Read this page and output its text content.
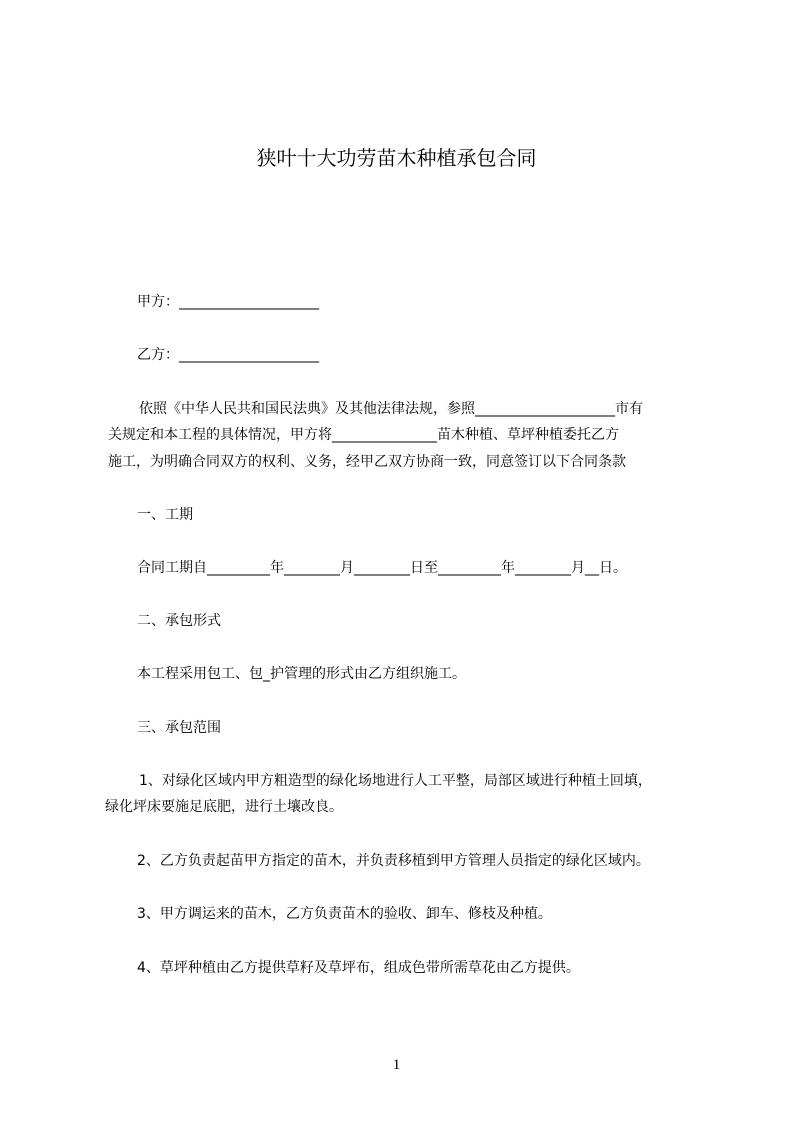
狭叶十大功劳苗木种植承包合同
甲方：____________________
乙方：____________________
依照《中华人民共和国民法典》及其他法律法规，参照____________________市有
关规定和本工程的具体情况，甲方将_______________苗木种植、草坪种植委托乙方
施工，为明确合同双方的权利、义务，经甲乙双方协商一致，同意签订以下合同条款
一、工期
合同工期自_________年________月________日至_________年________月__日。
二、承包形式
本工程采用包工、包_护管理的形式由乙方组织施工。
三、承包范围
1、对绿化区域内甲方粗造型的绿化场地进行人工平整，局部区域进行种植土回填，
绿化坪床要施足底肥，进行土壤改良。
2、乙方负责起苗甲方指定的苗木，并负责移植到甲方管理人员指定的绿化区域内。
3、甲方调运来的苗木，乙方负责苗木的验收、卸车、修枝及种植。
4、草坪种植由乙方提供草籽及草坪布，组成色带所需草花由乙方提供。
1
